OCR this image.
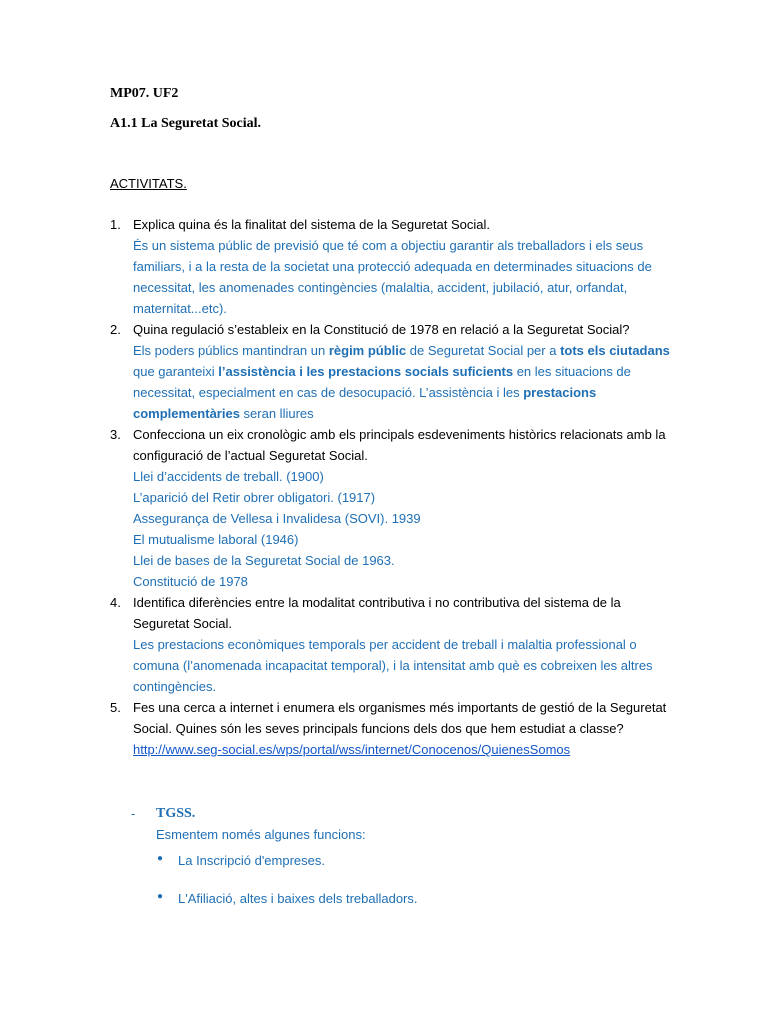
MP07. UF2
A1.1 La Seguretat Social.
ACTIVITATS.
1. Explica quina és la finalitat del sistema de la Seguretat Social.
És un sistema públic de previsió que té com a objectiu garantir als treballadors i els seus familiars, i a la resta de la societat una protecció adequada en determinades situacions de necessitat, les anomenades contingències (malaltia, accident, jubilació, atur, orfandat, maternitat...etc).
2. Quina regulació s’estableix en la Constitució de 1978 en relació a la Seguretat Social?
Els poders públics mantindran un règim públic de Seguretat Social per a tots els ciutadans que garanteixi l’assistència i les prestacions socials suficients en les situacions de necessitat, especialment en cas de desocupació. L’assistència i les prestacions complementàries seran lliures
3. Confecciona un eix cronològic amb els principals esdeveniments històrics relacionats amb la configuració de l’actual Seguretat Social.
Llei d’accidents de treball. (1900)
L’aparició del Retir obrer obligatori. (1917)
Assegurança de Vellesa i Invalidesa (SOVI). 1939
El mutualisme laboral (1946)
Llei de bases de la Seguretat Social de 1963.
Constitució de 1978
4. Identifica diferències entre la modalitat contributiva i no contributiva del sistema de la Seguretat Social.
Les prestacions econòmiques temporals per accident de treball i malaltia professional o comuna (l’anomenada incapacitat temporal), i la intensitat amb què es cobreixen les altres contingències.
5. Fes una cerca a internet i enumera els organismes més importants de gestió de la Seguretat Social. Quines són les seves principals funcions dels dos que hem estudiat a classe?
http://www.seg-social.es/wps/portal/wss/internet/Conocenos/QuienesSomos
- TGSS.
Esmentem només algunes funcions:
● La Inscripció d'empreses.
● L'Afiliació, altes i baixes dels treballadors.
